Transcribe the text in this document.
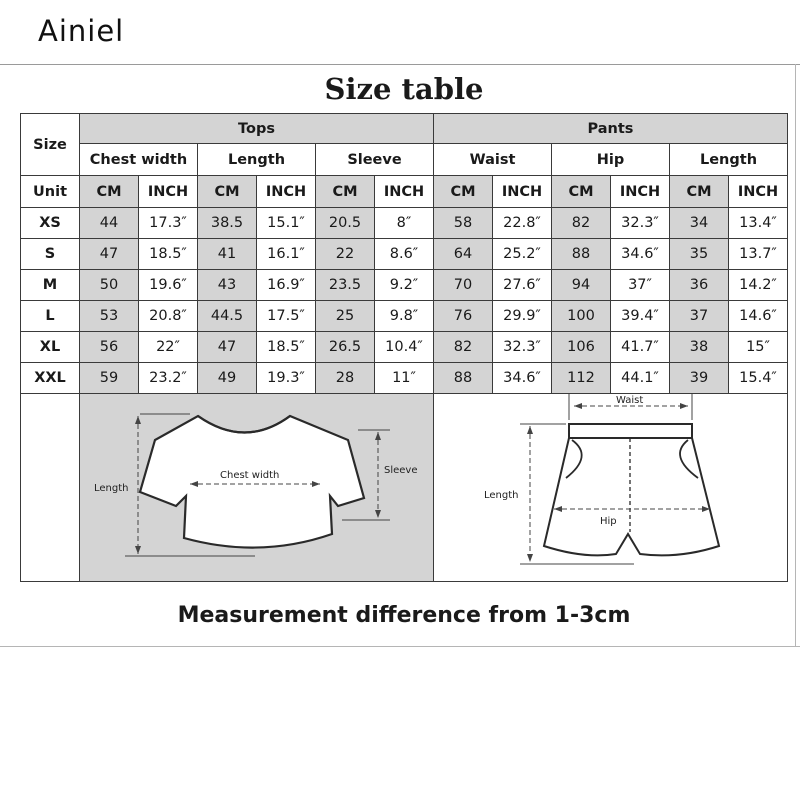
Ainiel
Size table
Size	Tops						Pants					
	Chest width		Length		Sleeve		Waist		Hip		Length	
Unit	CM	INCH	CM	INCH	CM	INCH	CM	INCH	CM	INCH	CM	INCH
XS	44	17.3″	38.5	15.1″	20.5	8″	58	22.8″	82	32.3″	34	13.4″
S	47	18.5″	41	16.1″	22	8.6″	64	25.2″	88	34.6″	35	13.7″
M	50	19.6″	43	16.9″	23.5	9.2″	70	27.6″	94	37″	36	14.2″
L	53	20.8″	44.5	17.5″	25	9.8″	76	29.9″	100	39.4″	37	14.6″
XL	56	22″	47	18.5″	26.5	10.4″	82	32.3″	106	41.7″	38	15″
XXL	59	23.2″	49	19.3″	28	11″	88	34.6″	112	44.1″	39	15.4″

Length
Chest width Sleeve						Waist
Hip
Length					
Measurement difference from 1-3cm
